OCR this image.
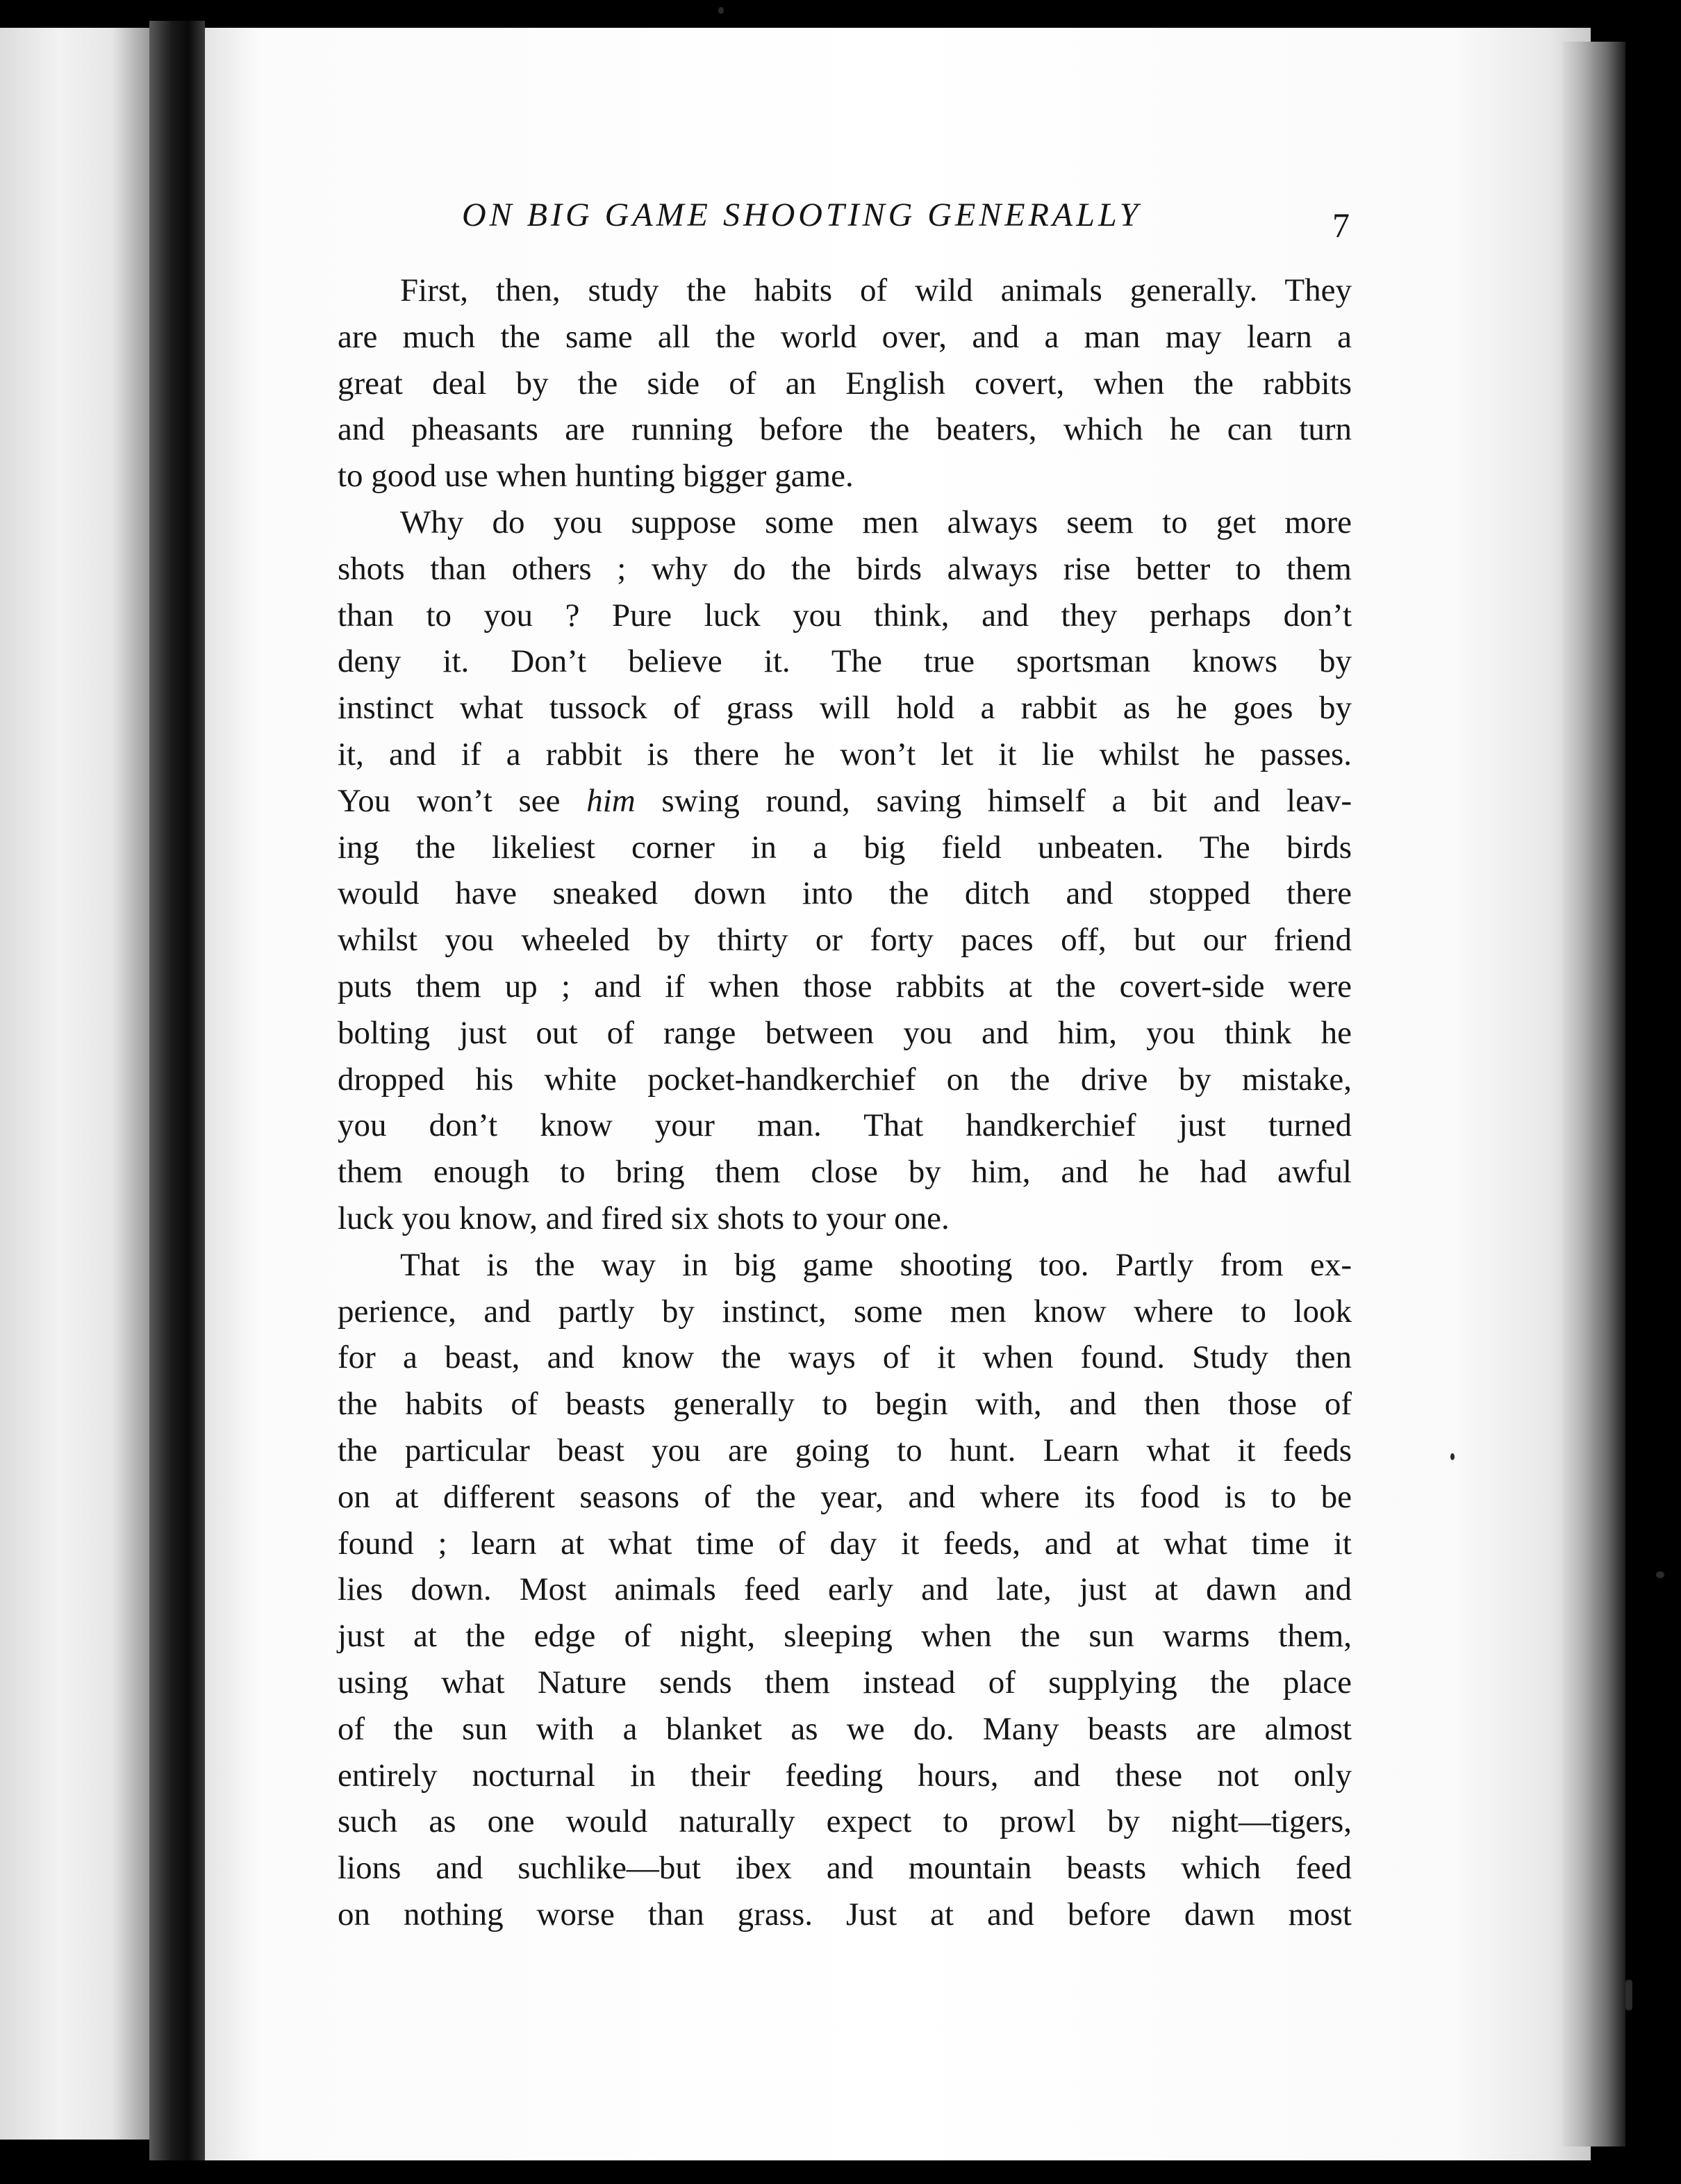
ON BIG GAME SHOOTING GENERALLY	7
First, then, study the habits of wild animals generally. They
are much the same all the world over, and a man may learn a
great deal by the side of an English covert, when the rabbits
and pheasants are running before the beaters, which he can turn
to good use when hunting bigger game.
Why do you suppose some men always seem to get more
shots than others ; why do the birds always rise better to them
than to you ? Pure luck you think, and they perhaps don’t
deny it. Don’t believe it. The true sportsman knows by
instinct what tussock of grass will hold a rabbit as he goes by
it, and if a rabbit is there he won’t let it lie whilst he passes.
You won’t see him swing round, saving himself a bit and leav-
ing the likeliest corner in a big field unbeaten. The birds
would have sneaked down into the ditch and stopped there
whilst you wheeled by thirty or forty paces off, but our friend
puts them up ; and if when those rabbits at the covert-side were
bolting just out of range between you and him, you think he
dropped his white pocket-handkerchief on the drive by mistake,
you don’t know your man. That handkerchief just turned
them enough to bring them close by him, and he had awful
luck you know, and fired six shots to your one.
That is the way in big game shooting too. Partly from ex-
perience, and partly by instinct, some men know where to look
for a beast, and know the ways of it when found. Study then
the habits of beasts generally to begin with, and then those of
the particular beast you are going to hunt. Learn what it feeds
on at different seasons of the year, and where its food is to be
found ; learn at what time of day it feeds, and at what time it
lies down. Most animals feed early and late, just at dawn and
just at the edge of night, sleeping when the sun warms them,
using what Nature sends them instead of supplying the place
of the sun with a blanket as we do. Many beasts are almost
entirely nocturnal in their feeding hours, and these not only
such as one would naturally expect to prowl by night—tigers,
lions and suchlike—but ibex and mountain beasts which feed
on nothing worse than grass. Just at and before dawn most
